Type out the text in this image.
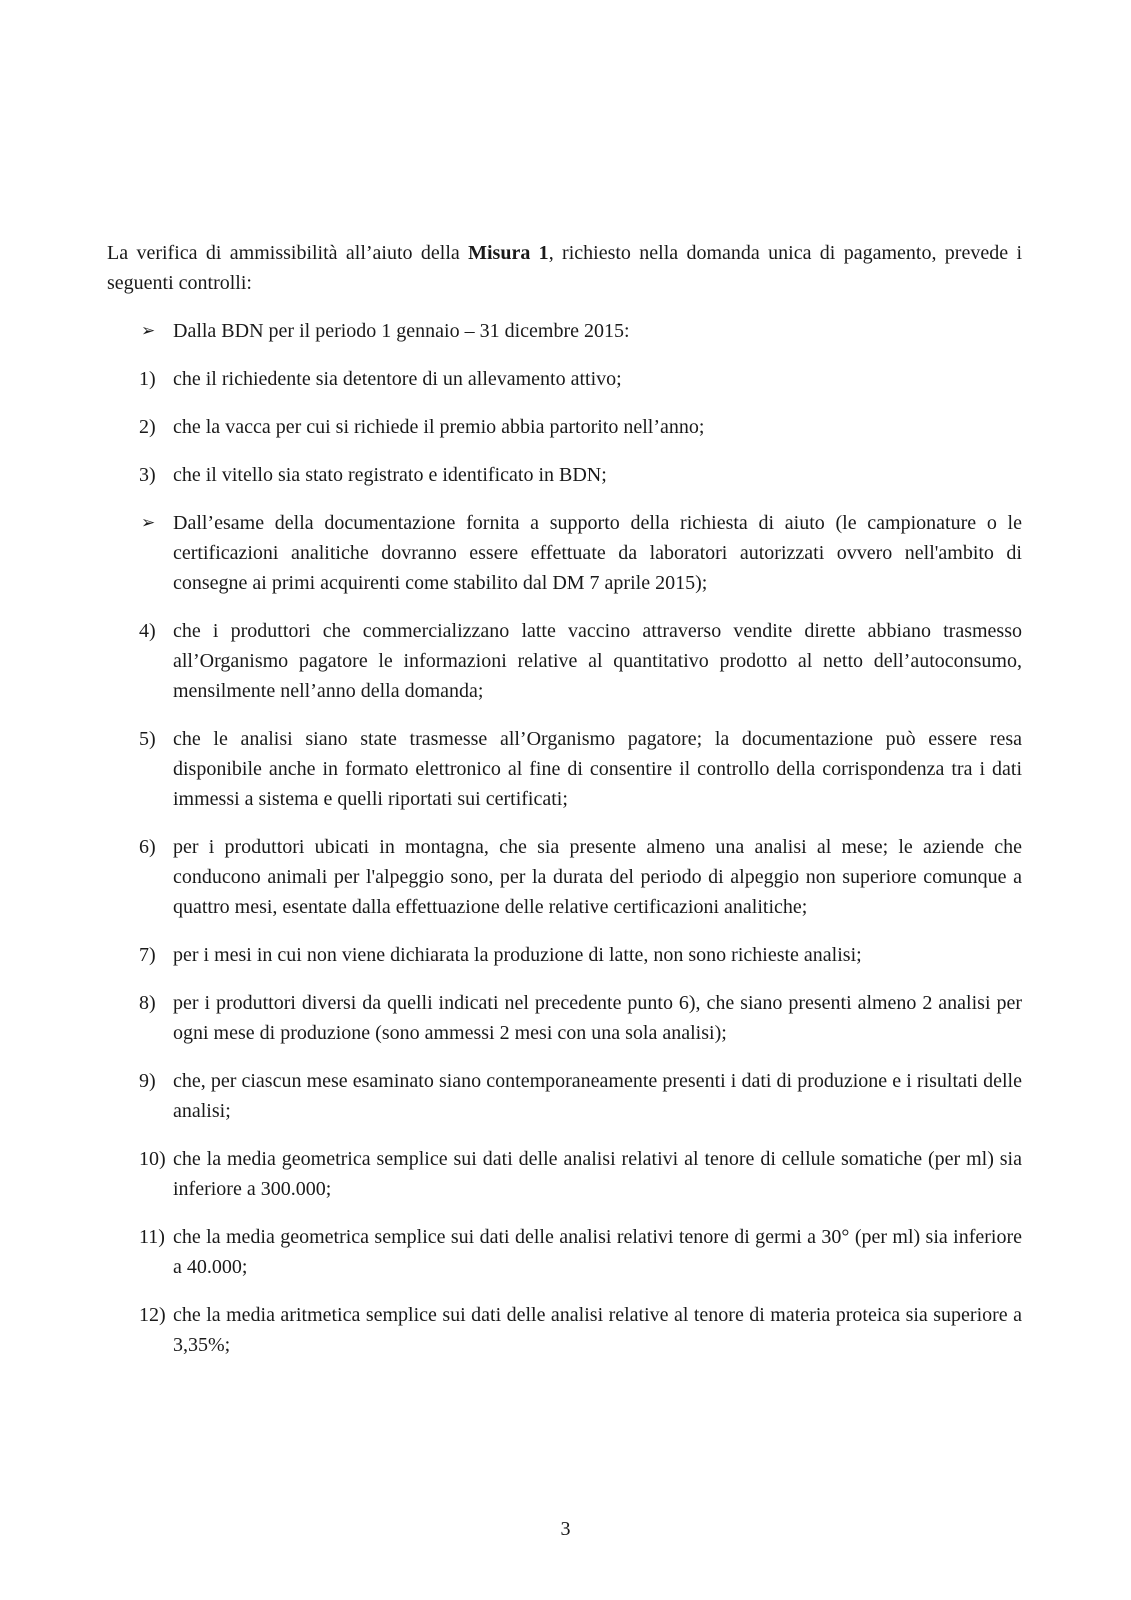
La verifica di ammissibilità all’aiuto della Misura 1, richiesto nella domanda unica di pagamento, prevede i seguenti controlli:

➢ Dalla BDN per il periodo 1 gennaio – 31 dicembre 2015:
1) che il richiedente sia detentore di un allevamento attivo;
2) che la vacca per cui si richiede il premio abbia partorito nell’anno;
3) che il vitello sia stato registrato e identificato in BDN;
➢ Dall’esame della documentazione fornita a supporto della richiesta di aiuto (le campionature o le certificazioni analitiche dovranno essere effettuate da laboratori autorizzati ovvero nell'ambito di consegne ai primi acquirenti come stabilito dal DM 7 aprile 2015);
4) che i produttori che commercializzano latte vaccino attraverso vendite dirette abbiano trasmesso all’Organismo pagatore le informazioni relative al quantitativo prodotto al netto dell’autoconsumo, mensilmente nell’anno della domanda;
5) che le analisi siano state trasmesse all’Organismo pagatore; la documentazione può essere resa disponibile anche in formato elettronico al fine di consentire il controllo della corrispondenza tra i dati immessi a sistema e quelli riportati sui certificati;
6) per i produttori ubicati in montagna, che sia presente almeno una analisi al mese; le aziende che conducono animali per l'alpeggio sono, per la durata del periodo di alpeggio non superiore comunque a quattro mesi, esentate dalla effettuazione delle relative certificazioni analitiche;
7) per i mesi in cui non viene dichiarata la produzione di latte, non sono richieste analisi;
8) per i produttori diversi da quelli indicati nel precedente punto 6), che siano presenti almeno 2 analisi per ogni mese di produzione (sono ammessi 2 mesi con una sola analisi);
9) che, per ciascun mese esaminato siano contemporaneamente presenti i dati di produzione e i risultati delle analisi;
10) che la media geometrica semplice sui dati delle analisi relativi al tenore di cellule somatiche (per ml) sia inferiore a 300.000;
11) che la media geometrica semplice sui dati delle analisi relativi tenore di germi a 30° (per ml) sia inferiore a 40.000;
12) che la media aritmetica semplice sui dati delle analisi relative al tenore di materia proteica sia superiore a 3,35%;
3
